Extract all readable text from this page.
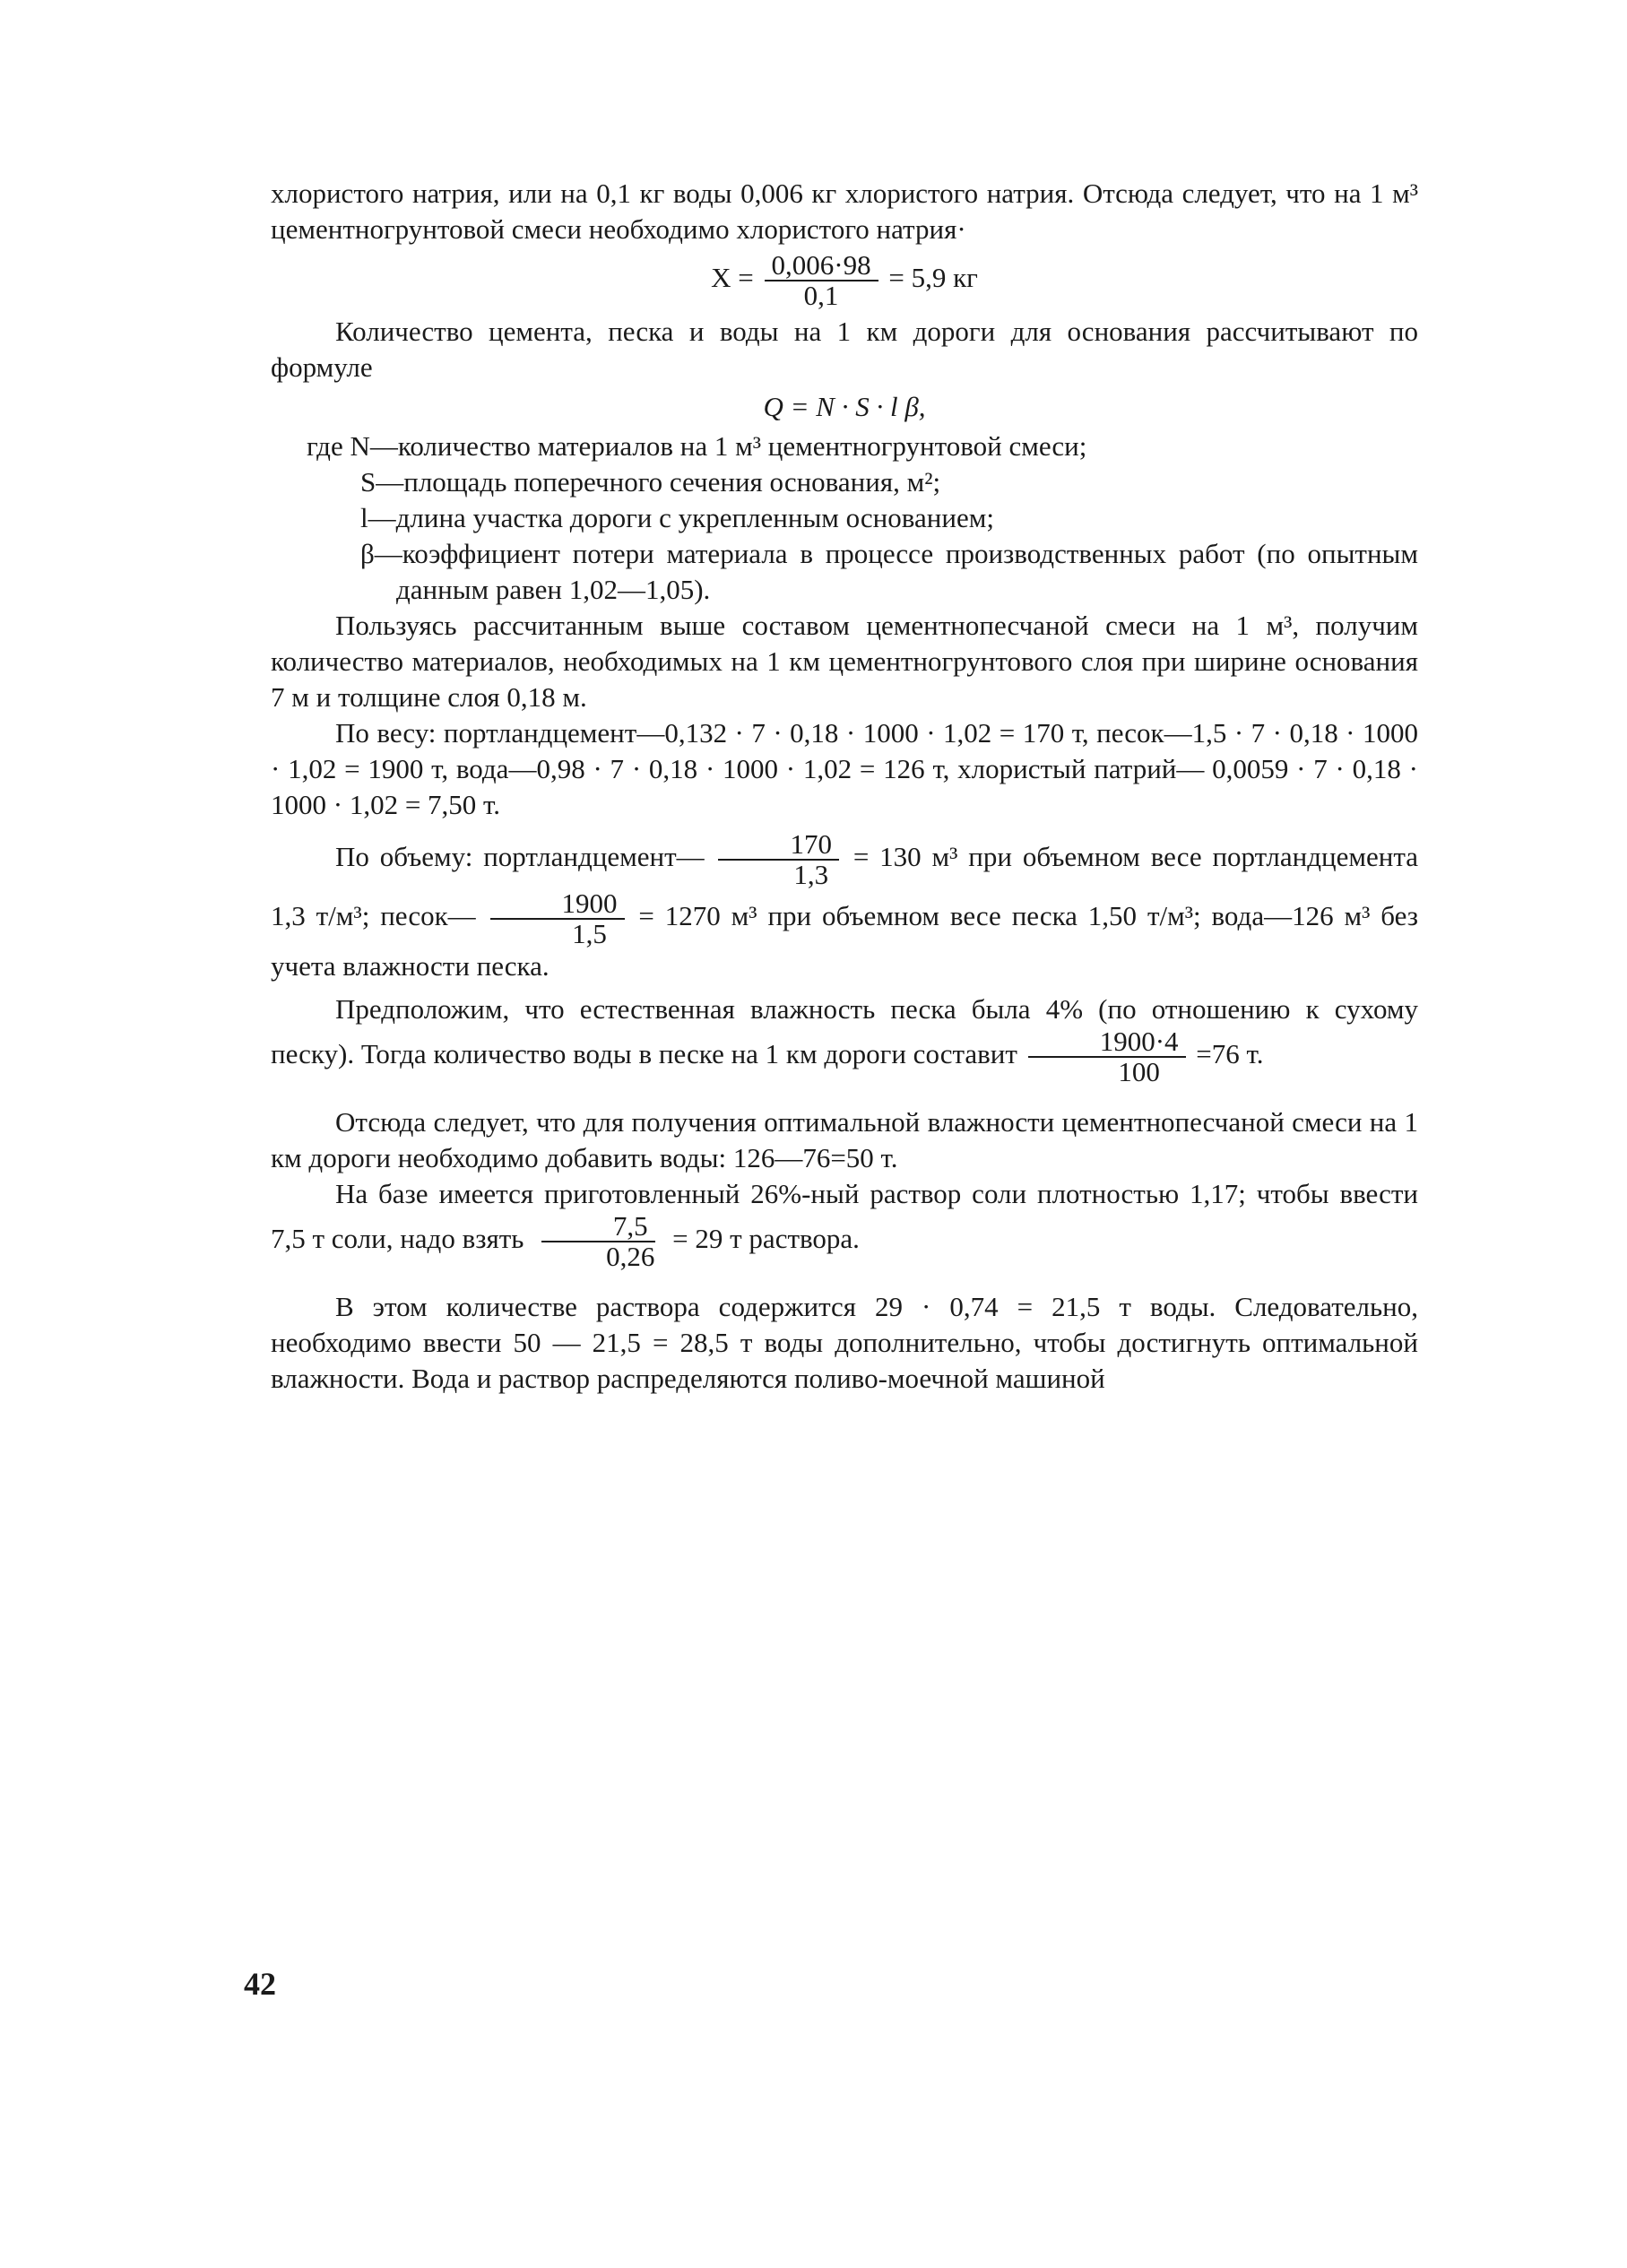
хлористого натрия, или на 0,1 кг воды 0,006 кг хлористого натрия. Отсюда следует, что на 1 м³ цементногрунтовой смеси необходимо хлористого натрия·

$X = \frac{0,006\cdot 98}{0,1} = 5,9$ кг

Количество цемента, песка и воды на 1 км дороги для основания рассчитывают по формуле

Q = N · S · l β,

где N—количество материалов на 1 м³ цементногрунтовой смеси;

S—площадь поперечного сечения основания, м²;

l—длина участка дороги с укрепленным основанием;

β—коэффициент потери материала в процессе производственных работ (по опытным данным равен 1,02—1,05).

Пользуясь рассчитанным выше составом цементнопесчаной смеси на 1 м³, получим количество материалов, необходимых на 1 км цементногрунтового слоя при ширине основания 7 м и толщине слоя 0,18 м.

По весу: портландцемент—0,132 · 7 · 0,18 · 1000 · 1,02 = 170 т, песок—1,5 · 7 · 0,18 · 1000 · 1,02 = 1900 т, вода—0,98 · 7 · 0,18 · 1000 · 1,02 = 126 т, хлористый патрий— 0,0059 · 7 · 0,18 · 1000 · 1,02 = 7,50 т.

По объему: портландцемент— $\frac{170}{1,3} = 130$ м³ при объемном весе портландцемента 1,3 т/м³; песок— $\frac{1900}{1,5} = 1270$ м³ при объемном весе песка 1,50 т/м³; вода—126 м³ без учета влажности песка.

Предположим, что естественная влажность песка была 4% (по отношению к сухому песку). Тогда количество воды в песке на 1 км дороги составит $\frac{1900\cdot 4}{100} =76$ т.

Отсюда следует, что для получения оптимальной влажности цементнопесчаной смеси на 1 км дороги необходимо добавить воды: 126—76=50 т.

На базе имеется приготовленный 26%-ный раствор соли плотностью 1,17; чтобы ввести 7,5 т соли, надо взять $\frac{7,5}{0,26} = 29$ т раствора.

В этом количестве раствора содержится 29 · 0,74 = 21,5 т воды. Следовательно, необходимо ввести 50 — 21,5 = 28,5 т воды дополнительно, чтобы достигнуть оптимальной влажности. Вода и раствор распределяются поливо-моечной машиной

42
